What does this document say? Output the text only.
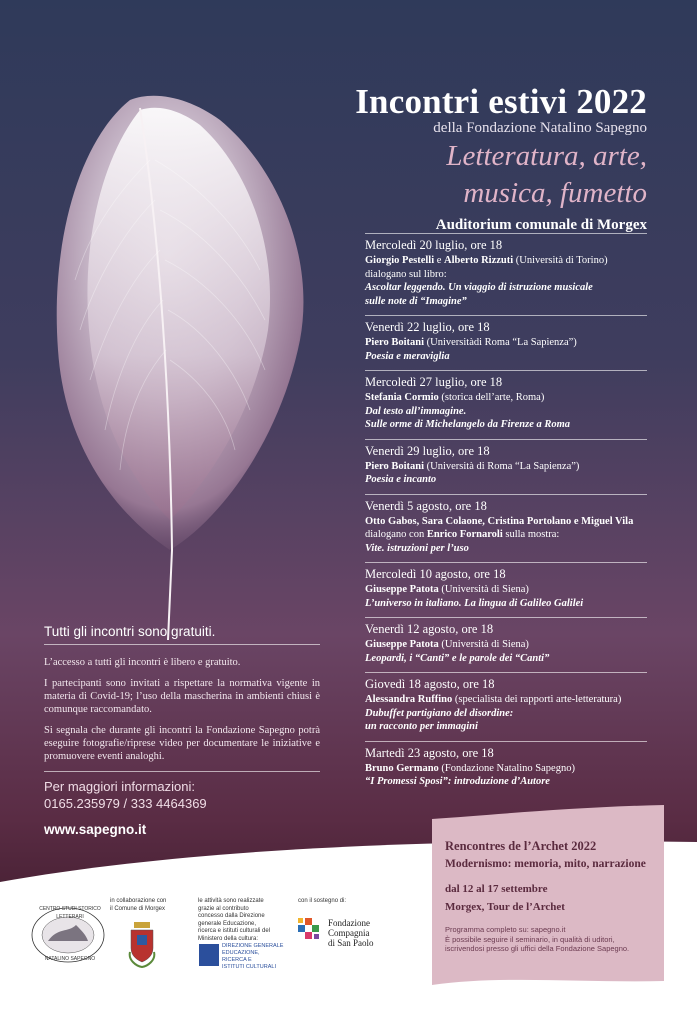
Incontri estivi 2022
della Fondazione Natalino Sapegno
Letteratura, arte,
musica, fumetto
Auditorium comunale di Morgex
Mercoledì 20 luglio, ore 18
Giorgio Pestelli e Alberto Rizzuti (Università di Torino)
dialogano sul libro:
Ascoltar leggendo. Un viaggio di istruzione musicale
sulle note di “Imagine”
Venerdì 22 luglio, ore 18
Piero Boitani (Universitàdi Roma “La Sapienza”)
Poesia e meraviglia
Mercoledì 27 luglio, ore 18
Stefania Cormio (storica dell’arte, Roma)
Dal testo all’immagine.
Sulle orme di Michelangelo da Firenze a Roma
Venerdì 29 luglio, ore 18
Piero Boitani (Università di Roma “La Sapienza”)
Poesia e incanto
Venerdì 5 agosto, ore 18
Otto Gabos, Sara Colaone, Cristina Portolano e Miguel Vila
dialogano con Enrico Fornaroli sulla mostra:
Vite. istruzioni per l’uso
Mercoledì 10 agosto, ore 18
Giuseppe Patota (Università di Siena)
L’universo in italiano. La lingua di Galileo Galilei
Venerdì 12 agosto, ore 18
Giuseppe Patota (Università di Siena)
Leopardi, i “Canti” e le parole dei “Canti”
Giovedì 18 agosto, ore 18
Alessandra Ruffino (specialista dei rapporti arte-letteratura)
Dubuffet partigiano del disordine:
un racconto per immagini
Martedì 23 agosto, ore 18
Bruno Germano (Fondazione Natalino Sapegno)
“I Promessi Sposi”: introduzione d’Autore
Tutti gli incontri sono gratuiti.
L’accesso a tutti gli incontri è libero e gratuito.
I partecipanti sono invitati a rispettare la normativa vigente in materia di Covid-19; l’uso della mascherina in ambienti chiusi è comunque raccomandato.
Si segnala che durante gli incontri la Fondazione Sapegno potrà eseguire fotografie/riprese video per documentare le iniziative e promuovere eventi analoghi.
Per maggiori informazioni:
0165.235979 / 333 4464369
www.sapegno.it
Rencontres de l’Archet 2022
Modernismo: memoria, mito, narrazione
dal 12 al 17 settembre
Morgex, Tour de l’Archet
Programma completo su: sapegno.it
È possibile seguire il seminario, in qualità di uditori, iscrivendosi presso gli uffici della Fondazione Sapegno.
CENTRO STUDI STORICO LETTERARI
NATALINO SAPEGNO
in collaborazione con
il Comune di Morgex
le attività sono realizzate
grazie al contributo
concesso dalla Direzione
generale Educazione,
ricerca e istituti culturali del
Ministero della cultura:
DIREZIONE GENERALE
EDUCAZIONE,
RICERCA E
ISTITUTI CULTURALI
con il sostegno di:
Fondazione
Compagnia
di San Paolo
